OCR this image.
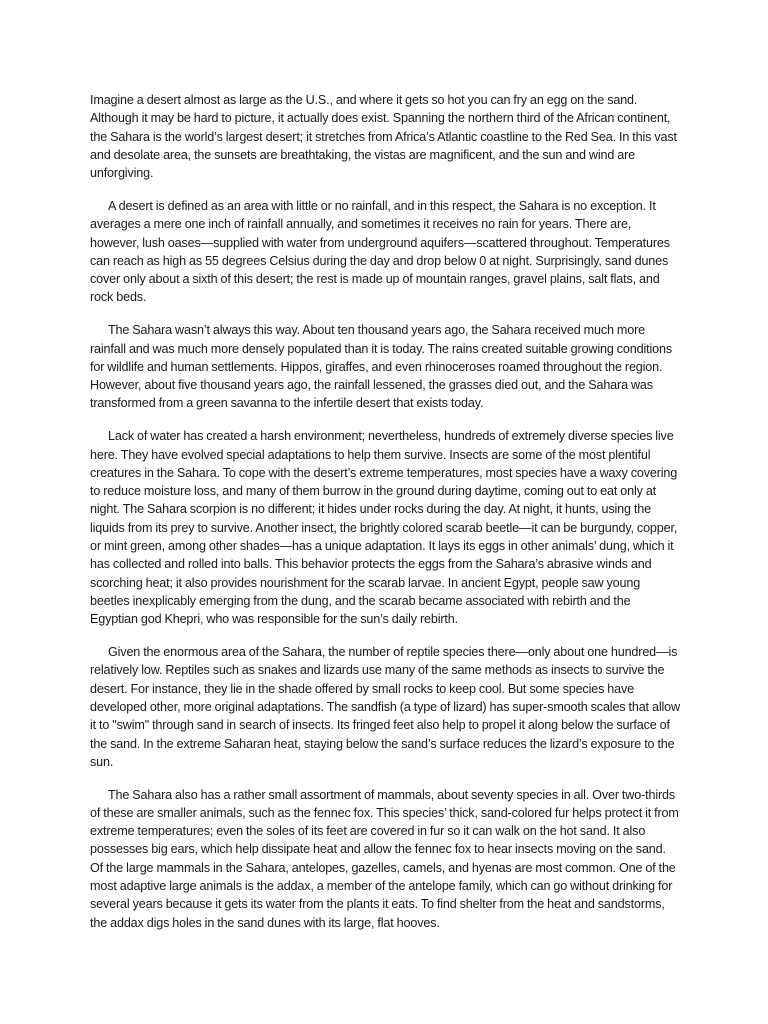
Imagine a desert almost as large as the U.S., and where it gets so hot you can fry an egg on the sand. Although it may be hard to picture, it actually does exist. Spanning the northern third of the African continent, the Sahara is the world’s largest desert; it stretches from Africa’s Atlantic coastline to the Red Sea. In this vast and desolate area, the sunsets are breathtaking, the vistas are magnificent, and the sun and wind are unforgiving.

A desert is defined as an area with little or no rainfall, and in this respect, the Sahara is no exception. It averages a mere one inch of rainfall annually, and sometimes it receives no rain for years. There are, however, lush oases—supplied with water from underground aquifers—scattered throughout. Temperatures can reach as high as 55 degrees Celsius during the day and drop below 0 at night. Surprisingly, sand dunes cover only about a sixth of this desert; the rest is made up of mountain ranges, gravel plains, salt flats, and rock beds.

The Sahara wasn’t always this way. About ten thousand years ago, the Sahara received much more rainfall and was much more densely populated than it is today. The rains created suitable growing conditions for wildlife and human settlements. Hippos, giraffes, and even rhinoceroses roamed throughout the region. However, about five thousand years ago, the rainfall lessened, the grasses died out, and the Sahara was transformed from a green savanna to the infertile desert that exists today.

Lack of water has created a harsh environment; nevertheless, hundreds of extremely diverse species live here. They have evolved special adaptations to help them survive. Insects are some of the most plentiful creatures in the Sahara. To cope with the desert’s extreme temperatures, most species have a waxy covering to reduce moisture loss, and many of them burrow in the ground during daytime, coming out to eat only at night. The Sahara scorpion is no different; it hides under rocks during the day. At night, it hunts, using the liquids from its prey to survive. Another insect, the brightly colored scarab beetle—it can be burgundy, copper, or mint green, among other shades—has a unique adaptation. It lays its eggs in other animals’ dung, which it has collected and rolled into balls. This behavior protects the eggs from the Sahara’s abrasive winds and scorching heat; it also provides nourishment for the scarab larvae. In ancient Egypt, people saw young beetles inexplicably emerging from the dung, and the scarab became associated with rebirth and the Egyptian god Khepri, who was responsible for the sun’s daily rebirth.

Given the enormous area of the Sahara, the number of reptile species there—only about one hundred—is relatively low. Reptiles such as snakes and lizards use many of the same methods as insects to survive the desert. For instance, they lie in the shade offered by small rocks to keep cool. But some species have developed other, more original adaptations. The sandfish (a type of lizard) has super-smooth scales that allow it to "swim" through sand in search of insects. Its fringed feet also help to propel it along below the surface of the sand. In the extreme Saharan heat, staying below the sand’s surface reduces the lizard’s exposure to the sun.

The Sahara also has a rather small assortment of mammals, about seventy species in all. Over two-thirds of these are smaller animals, such as the fennec fox. This species’ thick, sand-colored fur helps protect it from extreme temperatures; even the soles of its feet are covered in fur so it can walk on the hot sand. It also possesses big ears, which help dissipate heat and allow the fennec fox to hear insects moving on the sand. Of the large mammals in the Sahara, antelopes, gazelles, camels, and hyenas are most common. One of the most adaptive large animals is the addax, a member of the antelope family, which can go without drinking for several years because it gets its water from the plants it eats. To find shelter from the heat and sandstorms, the addax digs holes in the sand dunes with its large, flat hooves.
